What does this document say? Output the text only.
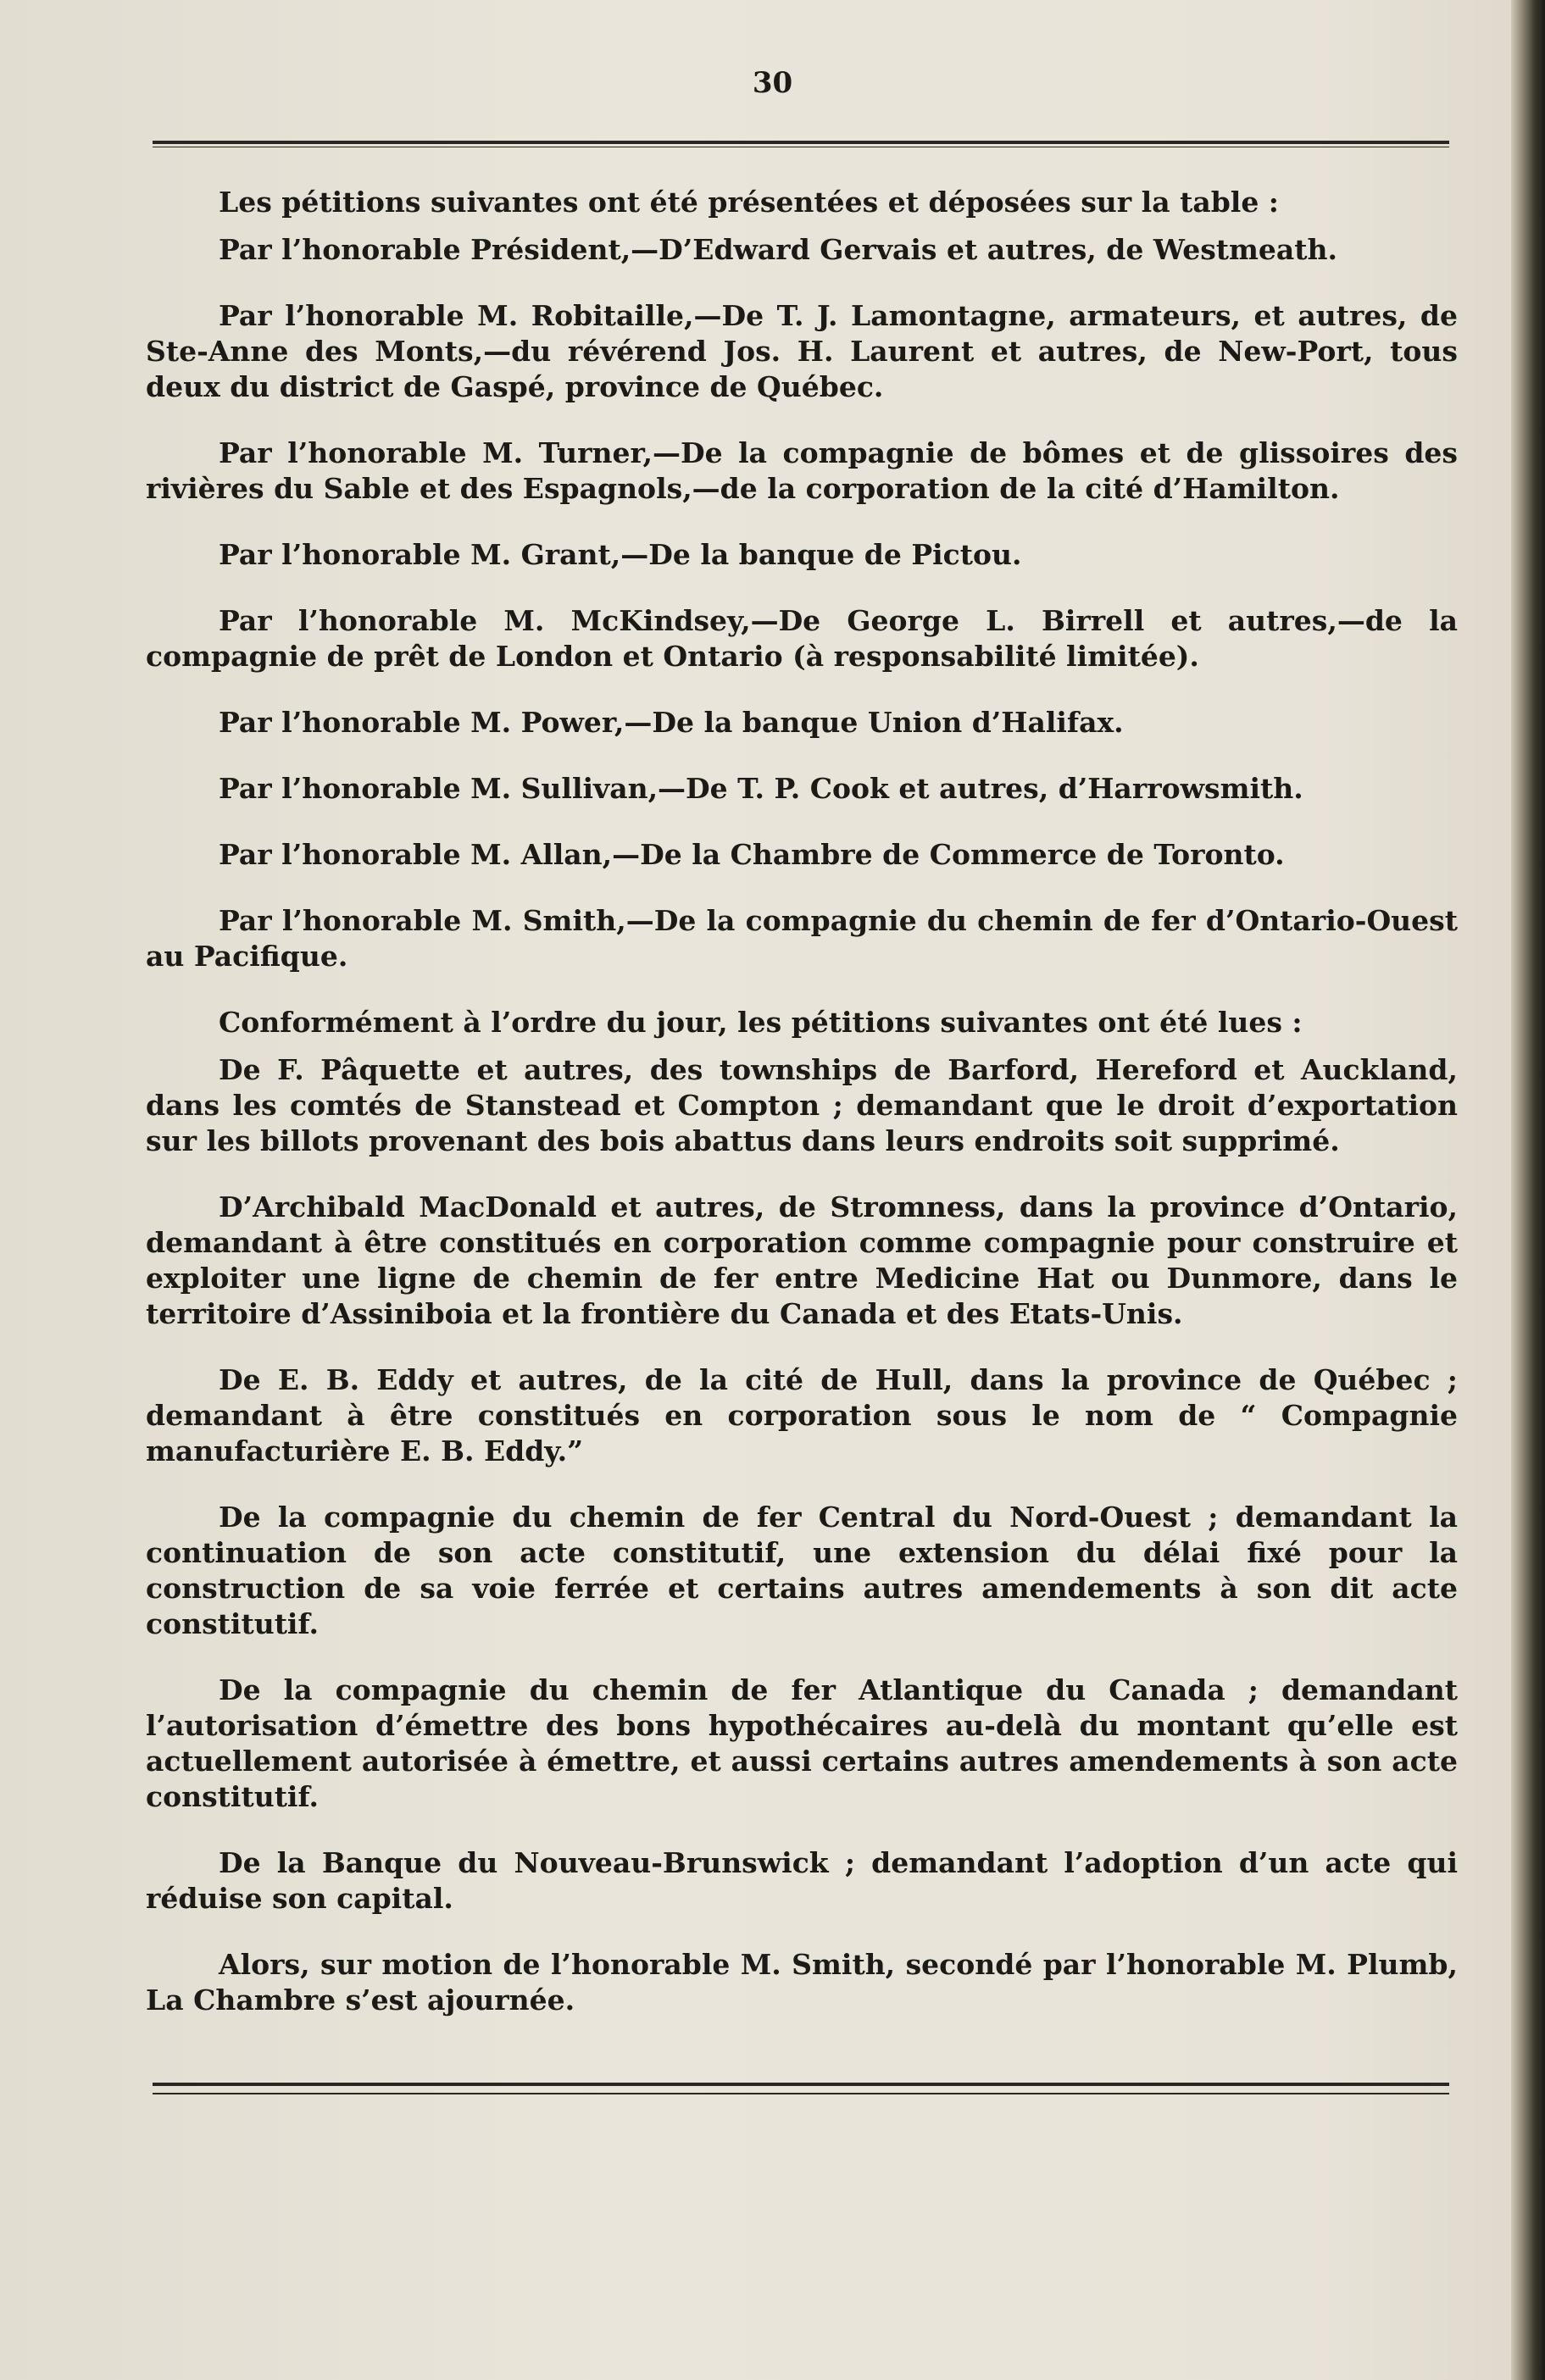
30

Les pétitions suivantes ont été présentées et déposées sur la table :

Par l’honorable Président,—D’Edward Gervais et autres, de Westmeath.

Par l’honorable M. Robitaille,—De T. J. Lamontagne, armateurs, et autres, de Ste-Anne des Monts,—du révérend Jos. H. Laurent et autres, de New-Port, tous deux du district de Gaspé, province de Québec.

Par l’honorable M. Turner,—De la compagnie de bômes et de glissoires des rivières du Sable et des Espagnols,—de la corporation de la cité d’Hamilton.

Par l’honorable M. Grant,—De la banque de Pictou.

Par l’honorable M. McKindsey,—De George L. Birrell et autres,—de la compagnie de prêt de London et Ontario (à responsabilité limitée).

Par l’honorable M. Power,—De la banque Union d’Halifax.

Par l’honorable M. Sullivan,—De T. P. Cook et autres, d’Harrowsmith.

Par l’honorable M. Allan,—De la Chambre de Commerce de Toronto.

Par l’honorable M. Smith,—De la compagnie du chemin de fer d’Ontario-Ouest au Pacifique.

Conformément à l’ordre du jour, les pétitions suivantes ont été lues :

De F. Pâquette et autres, des townships de Barford, Hereford et Auckland, dans les comtés de Stanstead et Compton ; demandant que le droit d’exportation sur les billots provenant des bois abattus dans leurs endroits soit supprimé.

D’Archibald MacDonald et autres, de Stromness, dans la province d’Ontario, demandant à être constitués en corporation comme compagnie pour construire et exploiter une ligne de chemin de fer entre Medicine Hat ou Dunmore, dans le territoire d’Assiniboia et la frontière du Canada et des Etats-Unis.

De E. B. Eddy et autres, de la cité de Hull, dans la province de Québec ; demandant à être constitués en corporation sous le nom de “ Compagnie manufacturière E. B. Eddy.”

De la compagnie du chemin de fer Central du Nord-Ouest ; demandant la continuation de son acte constitutif, une extension du délai fixé pour la construction de sa voie ferrée et certains autres amendements à son dit acte constitutif.

De la compagnie du chemin de fer Atlantique du Canada ; demandant l’autorisation d’émettre des bons hypothécaires au-delà du montant qu’elle est actuellement autorisée à émettre, et aussi certains autres amendements à son acte constitutif.

De la Banque du Nouveau-Brunswick ; demandant l’adoption d’un acte qui réduise son capital.

Alors, sur motion de l’honorable M. Smith, secondé par l’honorable M. Plumb, La Chambre s’est ajournée.
